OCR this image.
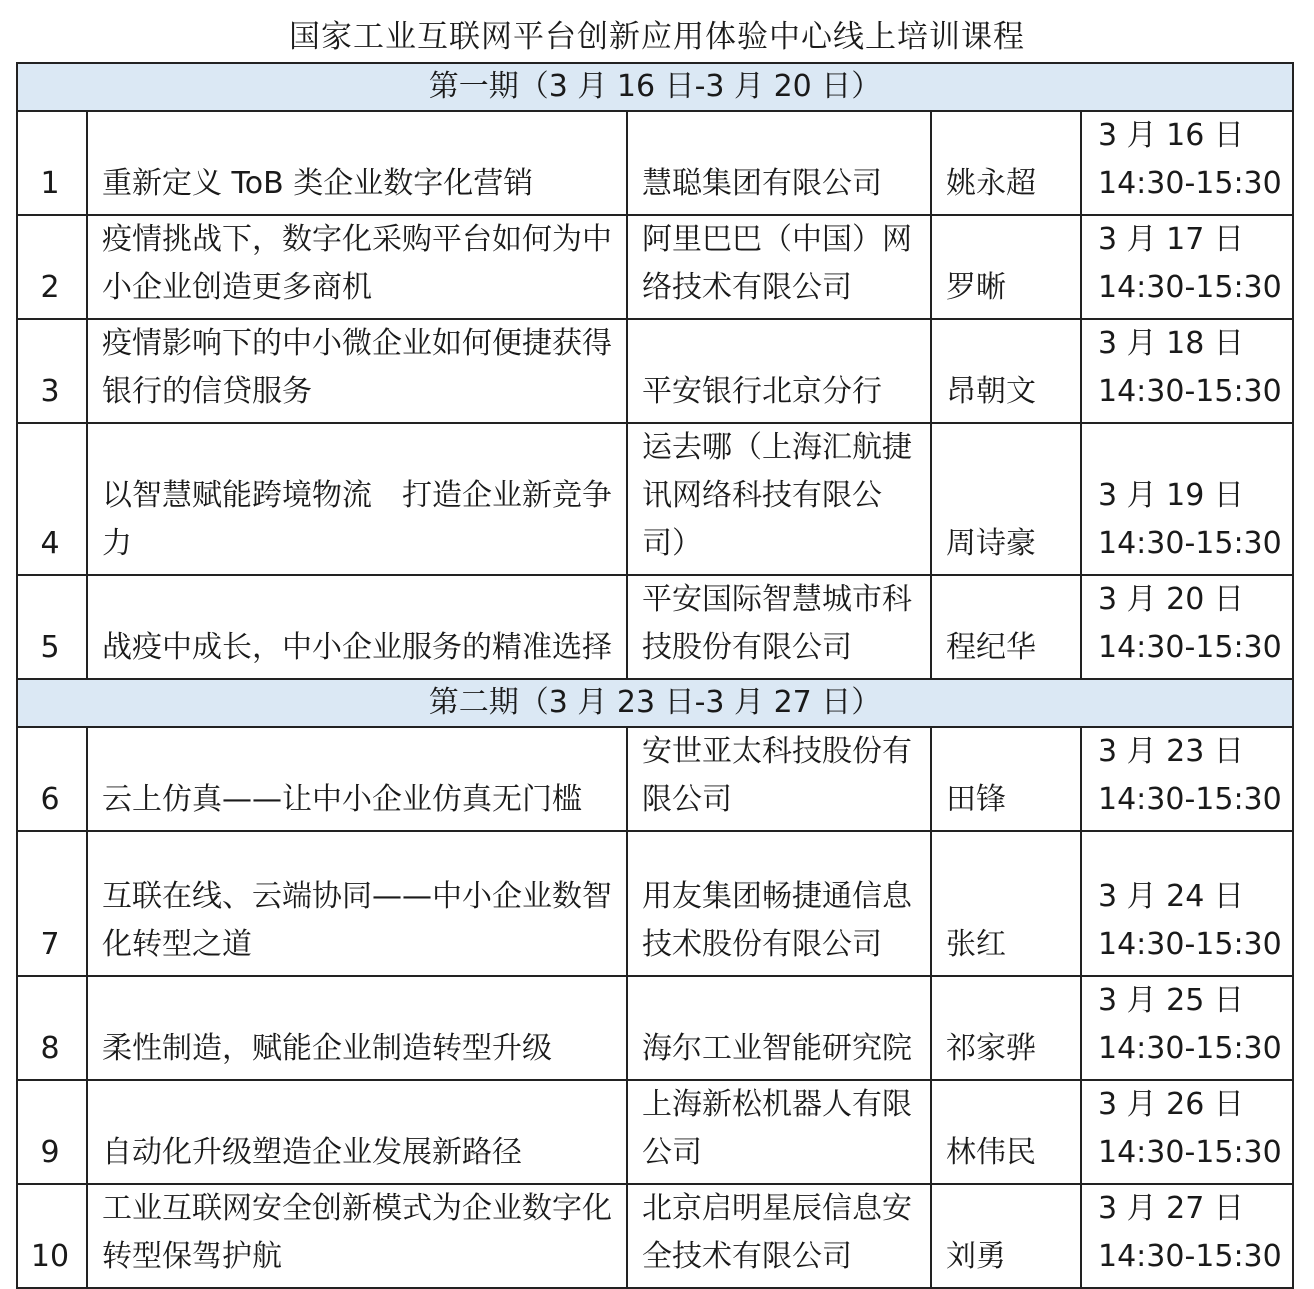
国家工业互联网平台创新应用体验中心线上培训课程
第一期（3 月 16 日-3 月 20 日）				
1	重新定义 ToB 类企业数字化营销	慧聪集团有限公司	姚永超	3 月 16 日
14:30-15:30

2	疫情挑战下，数字化采购平台如何为中小企业创造更多商机	阿里巴巴（中国）网络技术有限公司	罗晰	3 月 17 日
14:30-15:30

3	疫情影响下的中小微企业如何便捷获得银行的信贷服务	平安银行北京分行	昂朝文	3 月 18 日
14:30-15:30

4	以智慧赋能跨境物流　打造企业新竞争力	运去哪（上海汇航捷讯网络科技有限公司）	周诗豪	3 月 19 日
14:30-15:30

5	战疫中成长，中小企业服务的精准选择	平安国际智慧城市科技股份有限公司	程纪华	3 月 20 日
14:30-15:30

第二期（3 月 23 日-3 月 27 日）				
6	云上仿真——让中小企业仿真无门槛	安世亚太科技股份有限公司	田锋	3 月 23 日
14:30-15:30

7	互联在线、云端协同——中小企业数智化转型之道	用友集团畅捷通信息技术股份有限公司	张红	3 月 24 日
14:30-15:30

8	柔性制造，赋能企业制造转型升级	海尔工业智能研究院	祁家骅	3 月 25 日
14:30-15:30

9	自动化升级塑造企业发展新路径	上海新松机器人有限公司	林伟民	3 月 26 日
14:30-15:30

10	工业互联网安全创新模式为企业数字化转型保驾护航	北京启明星辰信息安全技术有限公司	刘勇	3 月 27 日
14:30-15:30
